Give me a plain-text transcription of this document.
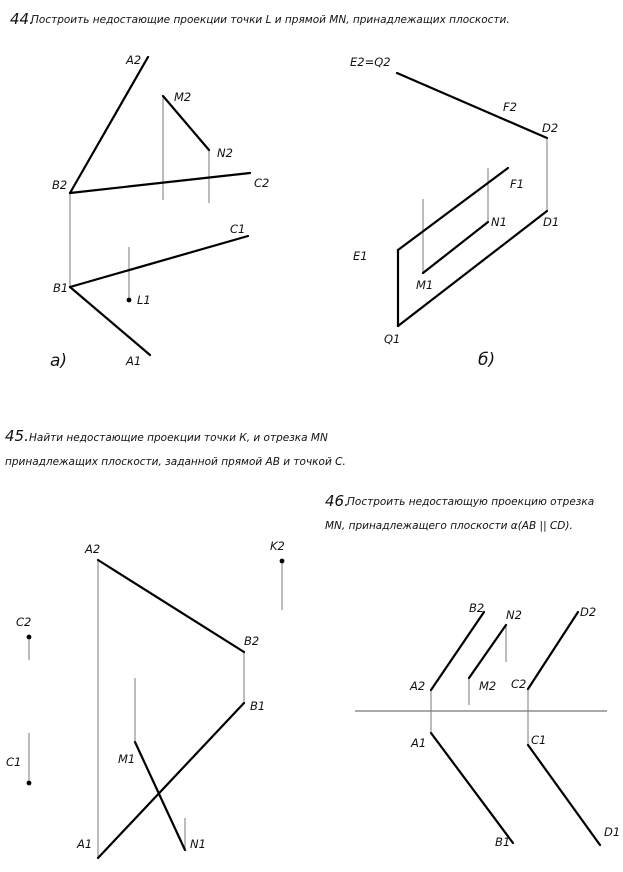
44.
Построить недостающие проекции точки L и прямой MN, принадлежащих плоскости.
A2
M2
N2
B2	C2
C1
B1
L1
A1
а)
E2=Q2
F2
D2
F1
N1	D1
E1
M1
Q1
б)
45. Найти недостающие проекции точки К, и отрезка MN
принадлежащих плоскости, заданной прямой АВ и точкой С.
A2	K2
C2
B2
B1
M1
C1
A1	N1
46.
Построить недостающую проекцию отрезка
MN, принадлежащего плоскости α(AB || CD).
B2 N2	D2
A2	M2 C2
A1	C1
B1
D1
